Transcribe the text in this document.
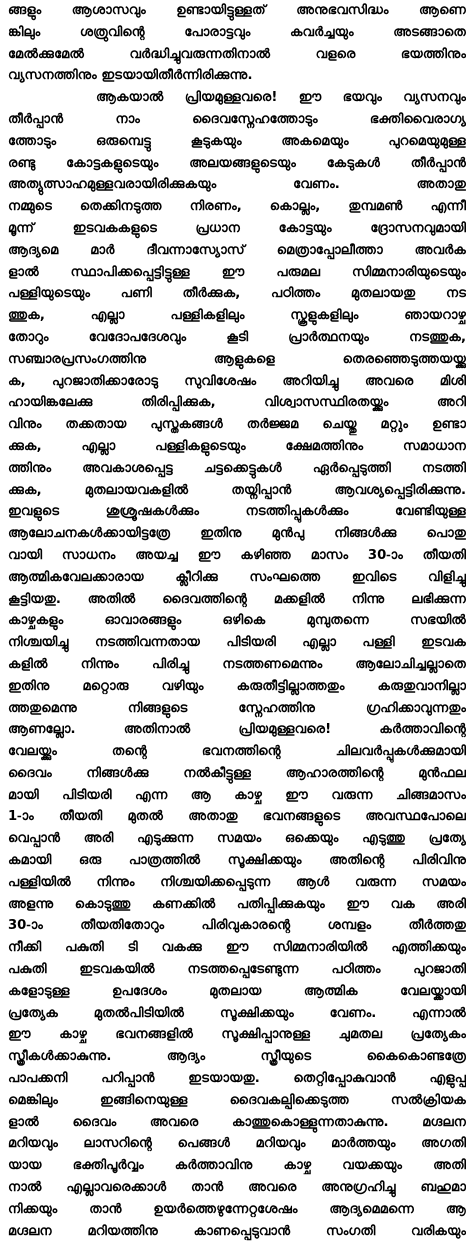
ങ്ങളും ആശാസവും ഉണ്ടായിട്ടുള്ളത് അനുഭവസിദ്ധം ആണെ
ങ്കിലും ശത്രുവിന്റെ പോരാട്ടവും കവർച്ചയും അടങ്ങാതെ
മേൽക്കുമേൽ വർദ്ധിച്ചുവരുന്നതിനാൽ വളരെ ഭയത്തിനും
വ്യസനത്തിനും ഇടയായിതീർന്നിരിക്കുന്നു.
ആകയാൽ പ്രിയമുള്ളവരെ! ഈ ഭയവും വ്യസനവും
തീർപ്പാൻ നാം ദൈവസ്നേഹത്തോടും ഭക്തിവൈരാഗ്യ
ത്തോടും ഒരുമ്പെട്ടു കൂടുകയും അകമെയും പുറമെയുമുള്ള
രണ്ടു കോട്ടകളുടെയും അലയങ്ങളുടെയും കേടുകൾ തീർപ്പാൻ
അത്യുത്സാഹമുള്ളവരായിരിക്കുകയും വേണം. അതാതു
നമ്മുടെ തെക്കിനടുത്ത നിരണം, കൊല്ലം, തുമ്പമൺ എന്നീ
മൂന്ന് ഇടവകകളുടെ പ്രധാന കോട്ടയും ദ്രോസനവുമായി
ആദ്യമെ മാർ ദീവന്നാസ്യോസ് മെത്രാപ്പോലീത്താ അവർക
ളാൽ സ്ഥാപിക്കപ്പെട്ടിട്ടുള്ള ഈ പരുമല സിമ്മനാരിയുടെയും
പള്ളിയുടെയും പണി തീർക്കുക, പഠിത്തം മുതലായതു നട
ത്തുക, എല്ലാ പള്ളികളിലും സ്കൂളുകളിലും ഞായറാഴ്ച
തോറും വേദോപദേശവും കൂടി പ്രാർത്ഥനയും നടത്തുക,
സഞ്ചാരപ്രസംഗത്തിനു ആളുകളെ തെരഞ്ഞെടുത്തയയ്ക്കു
ക, പുറജാതിക്കാരോടു സുവിശേഷം അറിയിച്ചു അവരെ മിശി
ഹായിങ്കലേക്കു തിരിപ്പിക്കുക, വിശ്വാസസ്ഥിരതയ്ക്കും അറി
വിനും തക്കതായ പുസ്തകങ്ങൾ തർജ്ജമ ചെയ്തു മറ്റും ഉണ്ടാ
ക്കുക, എല്ലാ പള്ളികളുടെയും ക്ഷേമത്തിനും സമാധാന
ത്തിനും അവകാശപ്പെട്ട ചട്ടക്കെട്ടുകൾ ഏർപ്പെടുത്തി നടത്തി
ക്കുക, മുതലായവകളിൽ തയ്നിപ്പാൻ ആവശ്യപ്പെട്ടിരിക്കുന്നു.
ഇവളുടെ ശുശ്രൂഷകൾക്കും നടത്തിപ്പുകൾക്കും വേണ്ടിയുള്ള
ആലോചനകൾക്കായിട്ടത്രേ ഇതിനു മുൻപു നിങ്ങൾക്കു പൊതു
വായി സാധനം അയച്ച ഈ കഴിഞ്ഞ മാസം 30-ാം തീയതി
ആത്മികവേലക്കാരായ ക്ലീറിക്കു സംഘത്തെ ഇവിടെ വിളിച്ചു
കൂട്ടിയതു. അതിൽ ദൈവത്തിന്റെ മക്കളിൽ നിന്നു ലഭിക്കുന്ന
കാഴ്ചകളും ഓവാരങ്ങളും ഒഴികെ മുമ്പുതന്നെ സഭയിൽ
നിശ്ചയിച്ചു നടത്തിവന്നതായ പിടിയരി എല്ലാ പള്ളി ഇടവക
കളിൽ നിന്നും പിരിച്ചു നടത്തണമെന്നും ആലോചിച്ചല്ലാതെ
ഇതിനു മറ്റൊരു വഴിയും കരുതീട്ടില്ലാത്തതും കരുതുവാനില്ലാ
ത്തതുമെന്നു നിങ്ങളുടെ സ്നേഹത്തിനു ഗ്രഹിക്കാവുന്നതും
ആണല്ലോ. അതിനാൽ പ്രിയമുള്ളവരെ! കർത്താവിന്റെ
വേലയ്ക്കും തന്റെ ഭവനത്തിന്റെ ചിലവർപ്പുകൾക്കുമായി
ദൈവം നിങ്ങൾക്കു നൽകീട്ടുള്ള ആഹാരത്തിന്റെ മുൻഫല
മായി പിടിയരി എന്ന ആ കാഴ്ച ഈ വരുന്ന ചിങ്ങമാസം
1-ാം തീയതി മുതൽ അതാതു ഭവനങ്ങളുടെ അവസ്ഥപോലെ
വെപ്പാൻ അരി എടുക്കുന്ന സമയം ഒക്കെയും എടുത്തു പ്രത്യേ
കമായി ഒരു പാത്രത്തിൽ സൂക്ഷിക്കയും അതിന്റെ പിരിവിനു
പള്ളിയിൽ നിന്നും നിശ്ചയിക്കപ്പെടുന്ന ആൾ വരുന്ന സമയം
അളന്നു കൊടുത്തു കണക്കിൽ പതിപ്പിക്കുകയും ഈ വക അരി
30-ാം തീയതിതോറും പിരിവുകാരന്റെ ശമ്പളം തീർത്തതു
നീക്കി പകുതി ടി വകക്കു ഈ സിമ്മനാരിയിൽ എത്തിക്കയും
പകുതി ഇടവകയിൽ നടത്തപ്പെടേണ്ടുന്ന പഠിത്തം പുറജാതി
കളോടുള്ള ഉപദേശം മുതലായ ആത്മിക വേലയ്ക്കായി
പ്രത്യേക മുതൽപിടിയിൽ സൂക്ഷിക്കയും വേണം. എന്നാൽ
ഈ കാഴ്ച ഭവനങ്ങളിൽ സൂക്ഷിപ്പാനുള്ള ചുമതല പ്രത്യേകം
സ്ത്രീകൾക്കാകുന്നു. ആദ്യം സ്ത്രീയുടെ കൈകൊണ്ടത്രേ
പാപക്കനി പറിപ്പാൻ ഇടയായതു. തെറ്റിപ്പോകുവാൻ എളുപ്പ
മെങ്കിലും ഇങ്ങിനെയുള്ള ദൈവകല്പിക്കെടുത്ത സൽക്രിയക
ളാൽ ദൈവം അവരെ കാത്തുകൊള്ളുന്നതാകുന്നു. മഗ്ദലന
മറിയവും ലാസറിന്റെ പെങ്ങൾ മറിയവും മാർത്തയും അഗതി
യായ ഭക്തിപൂർവ്വം കർത്താവിനു കാഴ്ച വയക്കയും അതി
നാൽ എല്ലാവരെക്കാൾ താൻ അവരെ അനുഗ്രഹിച്ചു ബഹുമാ
നിക്കയും താൻ ഉയർത്തെഴുന്നേറ്റശേഷം ആദ്യമെമന്നെ ആ
മഗ്ദലന മറിയത്തിനു കാണപ്പെടുവാൻ സംഗതി വരികയും
